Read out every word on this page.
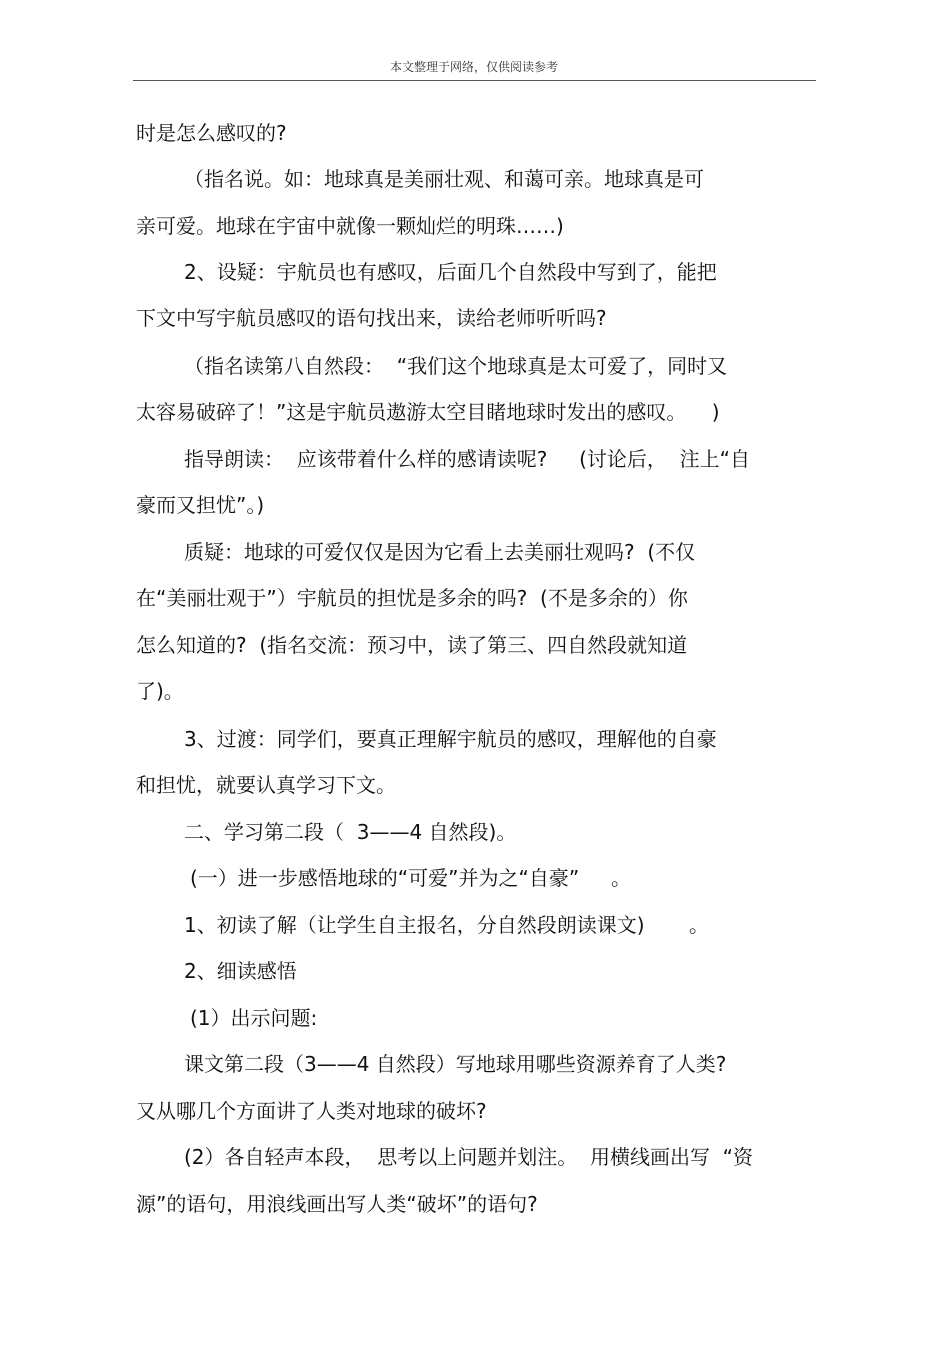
本文整理于网络，仅供阅读参考
时是怎么感叹的?
（指名说。如：地球真是美丽壮观、和蔼可亲。地球真是可
亲可爱。地球在宇宙中就像一颗灿烂的明珠……)
2、设疑：宇航员也有感叹，后面几个自然段中写到了，能把
下文中写宇航员感叹的语句找出来，读给老师听听吗?
（指名读第八自然段：  “我们这个地球真是太可爱了，同时又
太容易破碎了！”这是宇航员遨游太空目睹地球时发出的感叹。    )
指导朗读：  应该带着什么样的感请读呢?     (讨论后，  注上“自
豪而又担忧”。)
质疑：地球的可爱仅仅是因为它看上去美丽壮观吗?  (不仅
在“美丽壮观于”）宇航员的担忧是多余的吗?  (不是多余的）你
怎么知道的?  (指名交流：预习中，读了第三、四自然段就知道
了)。
3、过渡：同学们，要真正理解宇航员的感叹，理解他的自豪
和担忧，就要认真学习下文。
二、学习第二段（  3——4 自然段)。
(一）进一步感悟地球的“可爱”并为之“自豪”     。
1、初读了解（让学生自主报名，分自然段朗读课文)       。
2、细读感悟
(1）出示问题:
课文第二段（3——4 自然段）写地球用哪些资源养育了人类?
又从哪几个方面讲了人类对地球的破坏?
(2）各自轻声本段，  思考以上问题并划注。  用横线画出写  “资
源”的语句，用浪线画出写人类“破坏”的语句?
